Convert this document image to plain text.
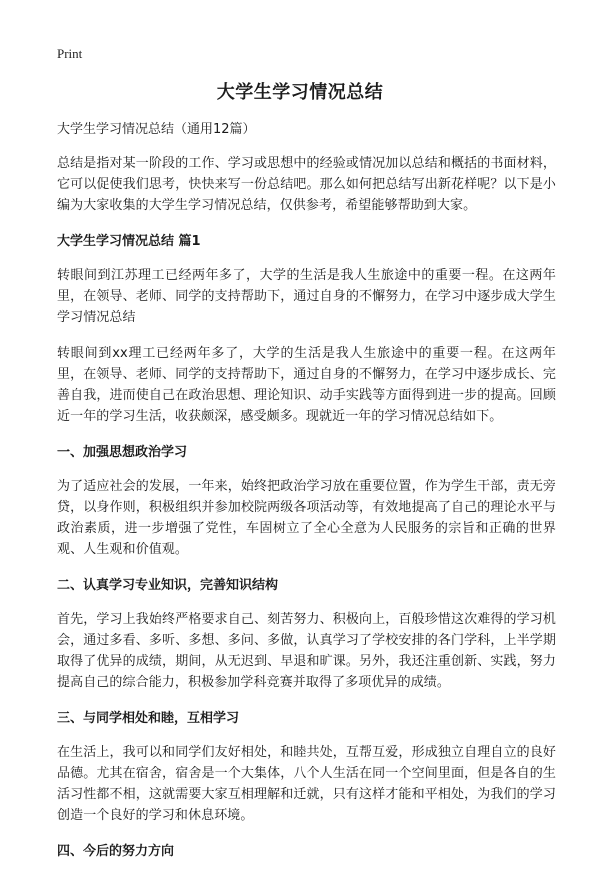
Print
大学生学习情况总结

大学生学习情况总结（通用12篇）

总结是指对某一阶段的工作、学习或思想中的经验或情况加以总结和概括的书面材料，它可以促使我们思考，快快来写一份总结吧。那么如何把总结写出新花样呢？以下是小编为大家收集的大学生学习情况总结，仅供参考，希望能够帮助到大家。

大学生学习情况总结 篇1

转眼间到江苏理工已经两年多了，大学的生活是我人生旅途中的重要一程。在这两年里，在领导、老师、同学的支持帮助下，通过自身的不懈努力，在学习中逐步成大学生学习情况总结

转眼间到xx理工已经两年多了，大学的生活是我人生旅途中的重要一程。在这两年里，在领导、老师、同学的支持帮助下，通过自身的不懈努力，在学习中逐步成长、完善自我，进而使自己在政治思想、理论知识、动手实践等方面得到进一步的提高。回顾近一年的学习生活，收获颇深，感受颇多。现就近一年的学习情况总结如下。

一、加强思想政治学习

为了适应社会的发展，一年来，始终把政治学习放在重要位置，作为学生干部，责无旁贷，以身作则，积极组织并参加校院两级各项活动等，有效地提高了自己的理论水平与政治素质，进一步增强了党性，车固树立了全心全意为人民服务的宗旨和正确的世界观、人生观和价值观。

二、认真学习专业知识，完善知识结构

首先，学习上我始终严格要求自己、刻苦努力、积极向上，百般珍惜这次难得的学习机会，通过多看、多听、多想、多问、多做，认真学习了学校安排的各门学科，上半学期取得了优异的成绩，期间，从无迟到、早退和旷课。另外，我还注重创新、实践，努力提高自己的综合能力，积极参加学科竞赛并取得了多项优异的成绩。

三、与同学相处和睦，互相学习

在生活上，我可以和同学们友好相处，和睦共处，互帮互爱，形成独立自理自立的良好品德。尤其在宿舍，宿舍是一个大集体，八个人生活在同一个空间里面，但是各自的生活习性都不相，这就需要大家互相理解和迁就，只有这样才能和平相处，为我们的学习创造一个良好的学习和休息环境。

四、今后的努力方向
